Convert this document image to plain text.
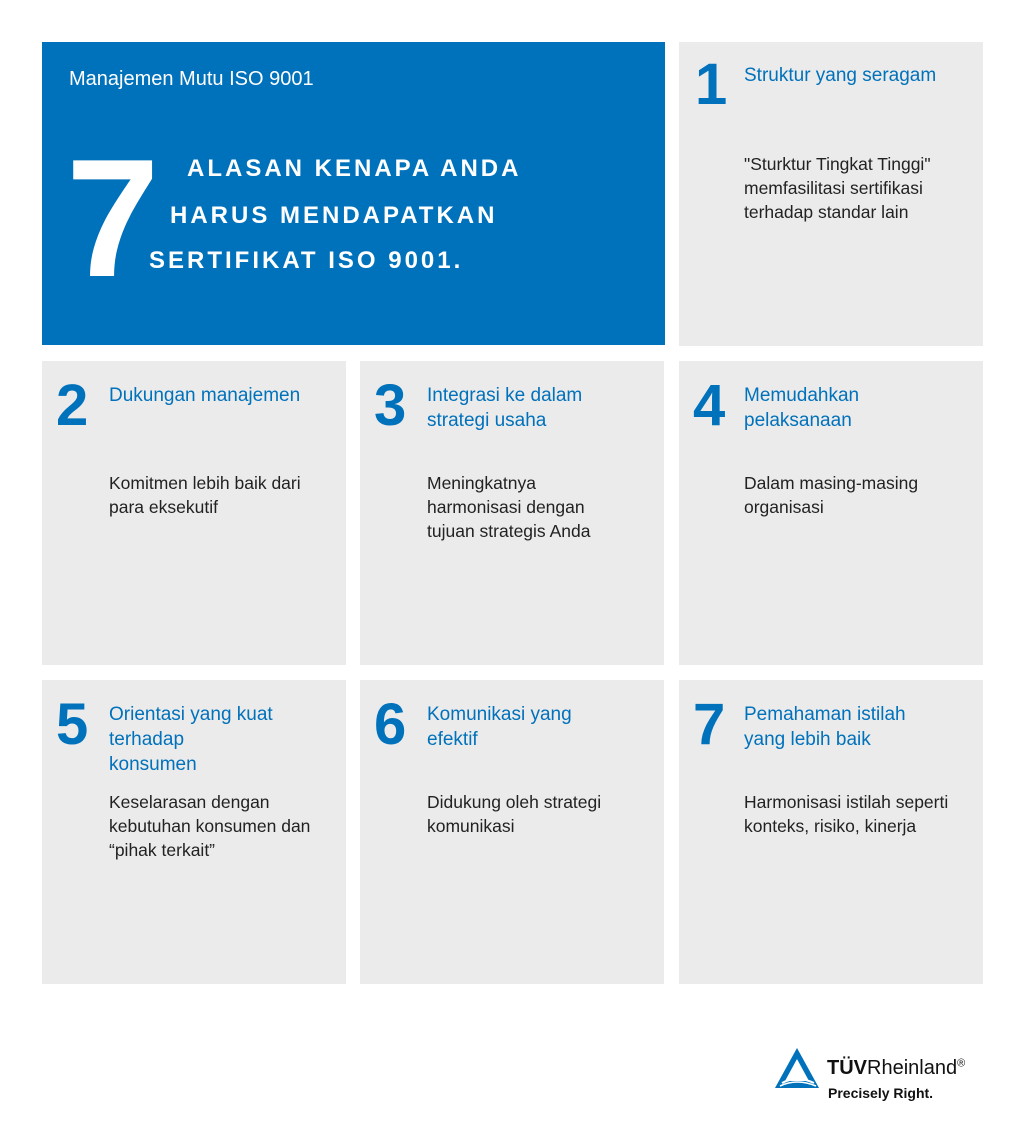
Manajemen Mutu ISO 9001
7 ALASAN KENAPA ANDA
HARUS MENDAPATKAN
SERTIFIKAT ISO 9001.
1 Struktur yang seragam
"Sturktur Tingkat Tinggi" memfasilitasi sertifikasi terhadap standar lain
2 Dukungan manajemen
Komitmen lebih baik dari para eksekutif
3 Integrasi ke dalam strategi usaha
Meningkatnya harmonisasi dengan tujuan strategis Anda
4 Memudahkan pelaksanaan
Dalam masing-masing organisasi
5 Orientasi yang kuat terhadap konsumen
Keselarasan dengan kebutuhan konsumen dan “pihak terkait”
6 Komunikasi yang efektif
Didukung oleh strategi komunikasi
7 Pemahaman istilah yang lebih baik
Harmonisasi istilah seperti konteks, risiko, kinerja
TÜVRheinland®
Precisely Right.
